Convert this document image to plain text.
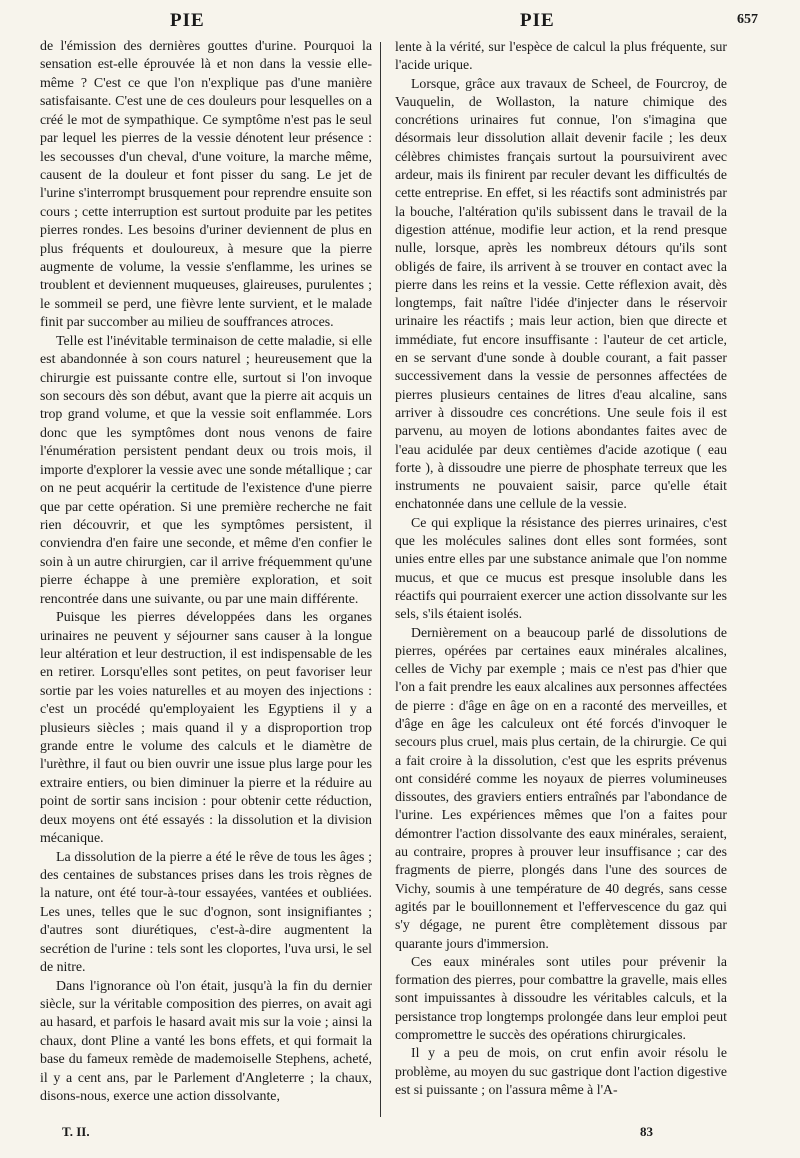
PIE	PIE	657

de l'émission des dernières gouttes d'urine. Pourquoi la sensation est-elle éprouvée là et non dans la vessie elle-même ? C'est ce que l'on n'explique pas d'une manière satisfaisante. C'est une de ces douleurs pour lesquelles on a créé le mot de sympathique. Ce symptôme n'est pas le seul par lequel les pierres de la vessie dénotent leur présence : les secousses d'un cheval, d'une voiture, la marche même, causent de la douleur et font pisser du sang. Le jet de l'urine s'interrompt brusquement pour reprendre ensuite son cours ; cette interruption est surtout produite par les petites pierres rondes. Les besoins d'uriner deviennent de plus en plus fréquents et douloureux, à mesure que la pierre augmente de volume, la vessie s'enflamme, les urines se troublent et deviennent muqueuses, glaireuses, purulentes ; le sommeil se perd, une fièvre lente survient, et le malade finit par succomber au milieu de souffrances atroces.

Telle est l'inévitable terminaison de cette maladie, si elle est abandonnée à son cours naturel ; heureusement que la chirurgie est puissante contre elle, surtout si l'on invoque son secours dès son début, avant que la pierre ait acquis un trop grand volume, et que la vessie soit enflammée. Lors donc que les symptômes dont nous venons de faire l'énumération persistent pendant deux ou trois mois, il importe d'explorer la vessie avec une sonde métallique ; car on ne peut acquérir la certitude de l'existence d'une pierre que par cette opération. Si une première recherche ne fait rien découvrir, et que les symptômes persistent, il conviendra d'en faire une seconde, et même d'en confier le soin à un autre chirurgien, car il arrive fréquemment qu'une pierre échappe à une première exploration, et soit rencontrée dans une suivante, ou par une main différente.

Puisque les pierres développées dans les organes urinaires ne peuvent y séjourner sans causer à la longue leur altération et leur destruction, il est indispensable de les en retirer. Lorsqu'elles sont petites, on peut favoriser leur sortie par les voies naturelles et au moyen des injections : c'est un procédé qu'employaient les Egyptiens il y a plusieurs siècles ; mais quand il y a disproportion trop grande entre le volume des calculs et le diamètre de l'urèthre, il faut ou bien ouvrir une issue plus large pour les extraire entiers, ou bien diminuer la pierre et la réduire au point de sortir sans incision : pour obtenir cette réduction, deux moyens ont été essayés : la dissolution et la division mécanique.

La dissolution de la pierre a été le rêve de tous les âges ; des centaines de substances prises dans les trois règnes de la nature, ont été tour-à-tour essayées, vantées et oubliées. Les unes, telles que le suc d'ognon, sont insignifiantes ; d'autres sont diurétiques, c'est-à-dire augmentent la secrétion de l'urine : tels sont les cloportes, l'uva ursi, le sel de nitre.

Dans l'ignorance où l'on était, jusqu'à la fin du dernier siècle, sur la véritable composition des pierres, on avait agi au hasard, et parfois le hasard avait mis sur la voie ; ainsi la chaux, dont Pline a vanté les bons effets, et qui formait la base du fameux remède de mademoiselle Stephens, acheté, il y a cent ans, par le Parlement d'Angleterre ; la chaux, disons-nous, exerce une action dissolvante,

lente à la vérité, sur l'espèce de calcul la plus fréquente, sur l'acide urique.

Lorsque, grâce aux travaux de Scheel, de Fourcroy, de Vauquelin, de Wollaston, la nature chimique des concrétions urinaires fut connue, l'on s'imagina que désormais leur dissolution allait devenir facile ; les deux célèbres chimistes français surtout la poursuivirent avec ardeur, mais ils finirent par reculer devant les difficultés de cette entreprise. En effet, si les réactifs sont administrés par la bouche, l'altération qu'ils subissent dans le travail de la digestion atténue, modifie leur action, et la rend presque nulle, lorsque, après les nombreux détours qu'ils sont obligés de faire, ils arrivent à se trouver en contact avec la pierre dans les reins et la vessie. Cette réflexion avait, dès longtemps, fait naître l'idée d'injecter dans le réservoir urinaire les réactifs ; mais leur action, bien que directe et immédiate, fut encore insuffisante : l'auteur de cet article, en se servant d'une sonde à double courant, a fait passer successivement dans la vessie de personnes affectées de pierres plusieurs centaines de litres d'eau alcaline, sans arriver à dissoudre ces concrétions. Une seule fois il est parvenu, au moyen de lotions abondantes faites avec de l'eau acidulée par deux centièmes d'acide azotique ( eau forte ), à dissoudre une pierre de phosphate terreux que les instruments ne pouvaient saisir, parce qu'elle était enchatonnée dans une cellule de la vessie.

Ce qui explique la résistance des pierres urinaires, c'est que les molécules salines dont elles sont formées, sont unies entre elles par une substance animale que l'on nomme mucus, et que ce mucus est presque insoluble dans les réactifs qui pourraient exercer une action dissolvante sur les sels, s'ils étaient isolés.

Dernièrement on a beaucoup parlé de dissolutions de pierres, opérées par certaines eaux minérales alcalines, celles de Vichy par exemple ; mais ce n'est pas d'hier que l'on a fait prendre les eaux alcalines aux personnes affectées de pierre : d'âge en âge on en a raconté des merveilles, et d'âge en âge les calculeux ont été forcés d'invoquer le secours plus cruel, mais plus certain, de la chirurgie. Ce qui a fait croire à la dissolution, c'est que les esprits prévenus ont considéré comme les noyaux de pierres volumineuses dissoutes, des graviers entiers entraînés par l'abondance de l'urine. Les expériences mêmes que l'on a faites pour démontrer l'action dissolvante des eaux minérales, seraient, au contraire, propres à prouver leur insuffisance ; car des fragments de pierre, plongés dans l'une des sources de Vichy, soumis à une température de 40 degrés, sans cesse agités par le bouillonnement et l'effervescence du gaz qui s'y dégage, ne purent être complètement dissous par quarante jours d'immersion.

Ces eaux minérales sont utiles pour prévenir la formation des pierres, pour combattre la gravelle, mais elles sont impuissantes à dissoudre les véritables calculs, et la persistance trop longtemps prolongée dans leur emploi peut compromettre le succès des opérations chirurgicales.

Il y a peu de mois, on crut enfin avoir résolu le problème, au moyen du suc gastrique dont l'action digestive est si puissante ; on l'assura même à l'A-

T. II.	83
